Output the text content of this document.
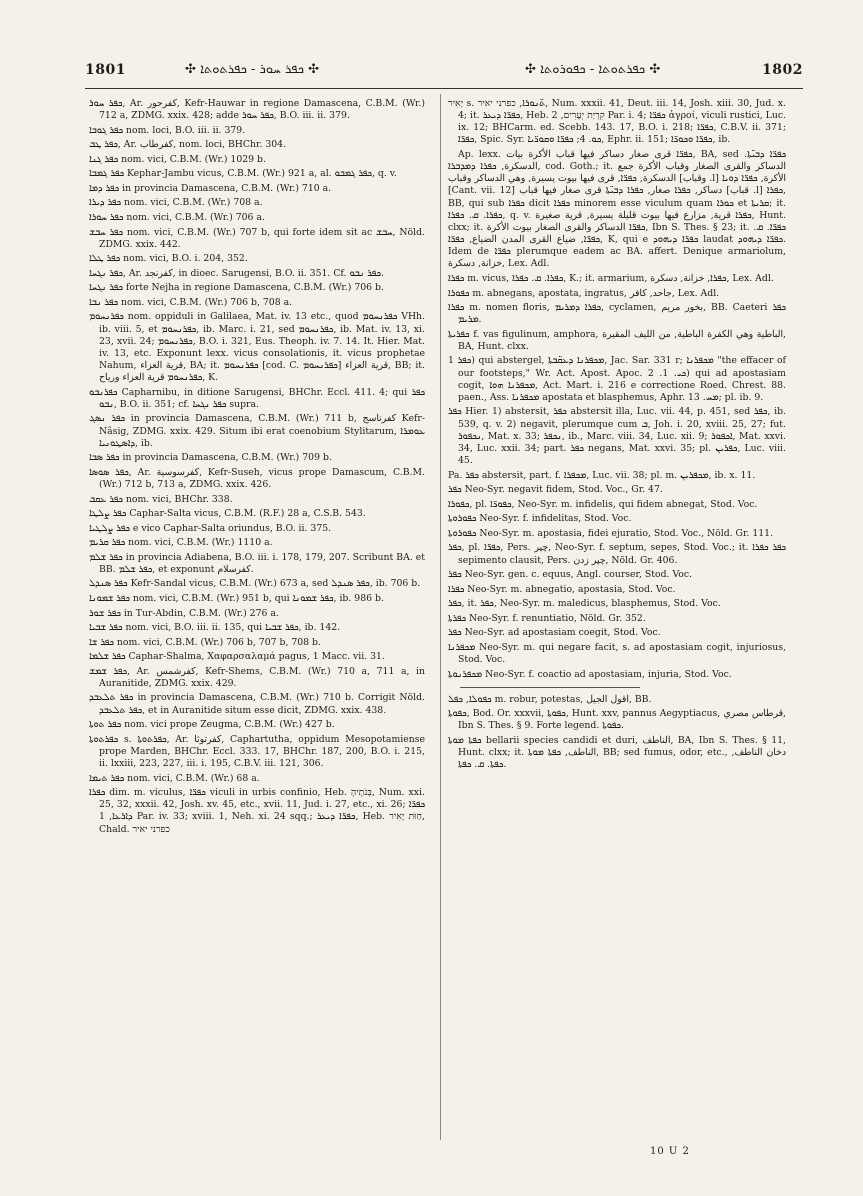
1801	✣ ܟܦܪ ܚܘܪ - ܟܦܪܬܘܬܐ ✣	✣ ܟܦܪܬܘܬܐ - ܟܦܘܪܘܬܐ ✣	1802
ܟܦܪ ܚܘܪ, Ar. كفرحور, Kefr-Hauwar in regione Damascena, C.B.M. (Wr.) 712 a, ZDMG. xxix. 428; adde ܟܦܪ ܚܘܪ, B.O. iii. ii. 379.
ܟܦܪ ܓܘܒܐ nom. loci, B.O. iii. ii. 379.
ܟܦܪ ܛܒ, Ar. كفرطاب, nom. loci, BHChr. 304.
ܟܦܪ ܓܢܐ nom. vici, C.B.M. (Wr.) 1029 b.
ܟܦܪ ܓܡܒܐ Kephar-Jambu vicus, C.B.M. (Wr.) 921 a, al. ܟܦܪ ܓܡܒܘ, q. v.
ܟܦܪ ܕܡܐ in provincia Damascena, C.B.M. (Wr.) 710 a.
ܟܦܪ ܕܝܪܐ nom. vici, C.B.M. (Wr.) 708 a.
ܟܦܪ ܚܘܪܐ nom. vici, C.B.M. (Wr.) 706 a.
ܟܦܪ ܚܒܫ nom. vici, C.B.M. (Wr.) 707 b, qui forte idem sit ac ܚܒܫ, Nöld. ZDMG. xxix. 442.
ܟܦܪ ܛܠܐ nom. vici, B.O. i. 204, 352.
ܟܦܪ ܢܓܚܐ, Ar. كفرنجد, in dioec. Sarugensi, B.O. ii. 351. Cf. ܟܦܪ ܢܒܘ.
ܟܦܪ ܢܓܚܐ forte Nejha in regione Damascena, C.B.M. (Wr.) 706 b.
ܟܦܪ ܢܒܐ nom. vici, C.B.M. (Wr.) 706 b, 708 a.
ܟܦܪܢܚܘܡ nom. oppiduli in Galilaea, Mat. iv. 13 etc., quod ܟܦܪܢܚܘܡ VHh. ib. viii. 5, et ܟܦܪܢܚܘܡ, ib. Marc. i. 21, sed ܟܦܪܢܚܘܡ, ib. Mat. iv. 13, xi. 23, xvii. 24; ܟܦܪܢܚܘܡ, B.O. i. 321, Eus. Theoph. iv. 7. 14. It. Hier. Mat. iv. 13, etc. Exponunt lexx. vicus consolationis, it. vicus prophetae Nahum, قرية العزاء, BA; it. ܟܦܪܢܚܘܡ [cod. C. ܟܦܪܢܚܘܡ] قرية العزاء, BB; it. ܟܦܪܢܚܘܡ قرية العزاء ورياح, K.
ܟܦܪܢܒܘ Capharnibu, in ditione Sarugensi, BHChr. Eccl. 411. 4; qui ܟܦܪ ܢܒܘ, B.O. ii. 351; cf. ܟܦܪ ܢܓܚܐ supra.
ܟܦܪ ܢܣܓ in provincia Damascena, C.B.M. (Wr.) 711 b, كفرناسج Kefr-Nâsig, ZDMG. xxix. 429. Situm ibi erat coenobium Stylitarum, ܥܘܡܪܐ ܕܐܣܛܘܢܝܐ, ib.
ܟܦܪ ܣܒܐ in provincia Damascena, C.B.M. (Wr.) 709 b.
ܟܦܪ ܣܘܣܐ, Ar. كفرسوسية, Kefr-Suseh, vicus prope Damascum, C.B.M. (Wr.) 712 b, 713 a, ZDMG. xxix. 426.
ܟܦܪ ܥܩܒ nom. vici, BHChr. 338.
ܟܦܪ ܨܠܛܐ Caphar-Salta vicus, C.B.M. (R.F.) 28 a, C.S.B. 543.
ܟܦܪ ܨܠܛܝܐ e vico Caphar-Salta oriundus, B.O. ii. 375.
ܟܦܪ ܩܪܝܡ nom. vici, C.B.M. (Wr.) 1110 a.
ܟܦܪ ܫܠܡ in provincia Adiabena, B.O. iii. i. 178, 179, 207. Scribunt BA. et BB. ܟܦܪ ܫܠܡ, et exponunt كفرسلام.
ܟܦܪ ܣܢܕܠ Kefr-Sandal vicus, C.B.M. (Wr.) 673 a, sed ܟܦܪ ܣܢܕܠ, ib. 706 b.
ܟܦܪ ܫܡܘܢܐ nom. vici, C.B.M. (Wr.) 951 b, qui ܟܦܪ ܫܡܘܢܐ, ib. 986 b.
ܟܦܪ ܫܘܪ in Tur-Abdin, C.B.M. (Wr.) 276 a.
ܟܦܪ ܫܒܝܐ nom. vici, B.O. iii. ii. 135, qui ܟܦܪ ܫܒܝܐ, ib. 142.
ܟܦܪ ܫܐ nom. vici, C.B.M. (Wr.) 706 b, 707 b, 708 b.
ܟܦܪ ܫܠܡܐ Caphar-Shalma, Χαφαρσαλαμά pagus, 1 Macc. vii. 31.
ܟܦܪ ܫܡܫ, Ar. كفرشمس, Kefr-Shems, C.B.M. (Wr.) 710 a, 711 a, in Auranitide, ZDMG. xxix. 429.
ܟܦܪ ܬܠܥܒܕ in provincia Damascena, C.B.M. (Wr.) 710 b. Corrigit Nöld. ܟܦܪ ܬܠܥܒܕ, et in Auranitide situm esse dicit, ZDMG. xxix. 438.
ܟܦܪ ܬܘܬܐ nom. vici prope Zeugma, C.B.M. (Wr.) 427 b.
ܟܦܪܬܘܬܐ s. ܟܦܪܬܘܬܐ, Ar. كفرتوثا, Caphartutha, oppidum Mesopotamiense prope Marden, BHChr. Eccl. 333. 17, BHChr. 187, 200, B.O. i. 215, ii. lxxiii, 223, 227, iii. i. 195, C.B.V. iii. 121, 306.
ܟܦܪ ܬܝܡܐ nom. vici, C.B.M. (Wr.) 68 a.
ܟܦܪܐ dim. m. viculus, ܟܦܪ̈ܐ viculi in urbis confinio, Heb. בְּנֹתֶיהָ, Num. xxi. 25, 32, xxxii. 42, Josh. xv. 45, etc., xvii. 11, Jud. i. 27, etc., xi. 26; ܟܦܪ̈ܐ ܕܐܪܥܐ, 1 Par. iv. 33; xviii. 1, Neh. xi. 24 sqq.; ܟܦܪ̈ܐ ܕܝܥܪ, Heb. חַוֺּת יָאִיר, Chald. כפרני יאיר
יָאִיר s. ܬ̈ܢܘܪܐ, כפרני יאיר, Num. xxxii. 41, Deut. iii. 14, Josh. xiii. 30, Jud. x. 4; it. ܟܦܪ̈ܐ ܕܝܥܪ, Heb. קִרְיַת יְעָרִים, 2 Par. i. 4; ܟܦܪ̈ܐ ἀγρoί, viculi rustici, Luc. ix. 12; BHCarm. ed. Scebb. 143. 17, B.O. i. 218; ܟܦܪ̈ܐ, C.B.V. ii. 371; ܟܦܪ̈ܐ, Spic. Syr. ܟܘ. 4; ܟܦܪ̈ܐ ܘܩܘܪ̈ܝܐ, Ephr. ii. 151; ܟܦܪ̈ܐ ܘܟܘܪ̈ܐ, ib.
Ap. lexx. ܟܦܪ̈ܐ قرى صغار دساكر فيها قباب الأكرة بيات, BA, sed ܟܦܪ̈ܐ ܕܒܝ̈ܬܐ. الدسكرة, ܟܦܪܐ ܕܡܕܒܪܐ, cod. Goth.; it. الدساكر والقرى الصغار وقباب الأكرة جمع الدسكرة, ܟܦܪ̈ܐ, قرى فيها بيوت يسيرة, وهي الدساكر وقباب [وقباب .l] الأكرة, ܟܦܪ̈ܐ ܕܘܝܐ [Cant. vii. 12] دساكر, ܟܦܪܐ صغار, ܟܦܪܐ ܕܒܝ̈ܬܐ قرى صغار فيها قباب [قباب .l] ܟܦܪܐ, BB, qui sub ܟܦܪܐ dicit ܟܦܪܐ minorem esse viculum quam ܟܘܪܐ et ܩܪܝܬܐ; it. ܟܦܪܐ. ܩ. ܟܦܪܐ, q. v. ܟܦܪܐ قرية, مزارع فيها بيوت قليلة يسيرة, قرية صغيرة, Hunt. clxx; it. ܟܦܪ̈ܐ الدساكر والقرى الصغار بيوت الأكرة, Ibn S. Thes. § 23; it. ܟܦܪ̈ܐ. ܩ. ܟܦܪ̈ܐ, ضياع القرى المدن الضياع, ܟܦܪ̈ܐ, K, qui e ܟܦܪ̈ܐ ܕܝܗܘܕ laudat ܟܦܪ̈ܐ ܕܝܗܘܕ. Idem de ܟܦܪ̈ܐ plerumque eadem ac BA. affert. Denique armariolum, خزانة, دسكرة, Lex. Adl.
ܟܦܪܐ m. vicus, ܟܦܪܐ. ܩ. ܟܦܪܐ, K.; it. armarium, ܟܦܪܐ, خزانة, دسكرة, Lex. Adl.
ܟܦܘܪܐ m. abnegans, apostata, ingratus, جاحد, كافر, Lex. Adl.
ܟܦܪܐ m. nomen floris, ܟܦܪܐ ܕܡܪܝܡ, cyclamen, بخور مريم, BB. Caeteri ܟܦܪ ܡܪܝܡ.
ܟܦܪܝܬܐ f. vas figulinum, amphora, الباطية وهي الكفرة الباطية, من الليف المقيرة, BA, Hunt. clxx.
ܟܦܪ 1) qui abstergel, ܡܟܦܪܢܐ ܕܥܩ̈ܒܬܐ, Jac. Sar. 331 r; ܡܟܦܪܢܐ "the effacer of our footsteps," Wr. Act. Apost. Apoc. ܟܝ. 1. 2) qui ad apostasiam cogit, ܡܟܦܪܢܐ ܗܘܐ, Act. Mart. i. 216 e correctione Roed. Chrest. 88. paen., Ass. ܡܟܦܪܢܐ apostata et blasphemus, Aphr. ܡܚ. 13; pl. ib. 9.
ܟܦܪ Hier. 1) abstersit, ܟܦܪ abstersit illa, Luc. vii. 44, p. 451, sed ܟܦܪ, ib. 539, q. v. 2) negavit, plerumque cum ܒ, Joh. i. 20, xviii. 25, 27; fut. ܢܟܦܘܪ, Mat. x. 33; ܢܟܦܪ, ib., Marc. viii. 34, Luc. xii. 9; ܐܟܦܘܪ, Mat. xxvi. 34, Luc. xxii. 34; part. ܟܦܪ negans, Mat. xxvi. 35; pl. ܟܦܪܝܢ, Luc. viii. 45.
Pa. ܟܦܪ abstersit, part. f. ܡܟܦܪܐ, Luc. vii. 38; pl. m. ܡܟܦܪܝܢ, ib. x. 11.
ܟܦܪ Neo-Syr. negavit fidem, Stod. Voc., Gr. 47.
ܟܦܘܪܐ, pl. ܟܦܘܪ̈ܐ, Neo-Syr. m. infidelis, qui fidem abnegat, Stod. Voc.
ܟܦܘܪܘܬܐ Neo-Syr. f. infidelitas, Stod. Voc.
ܟܦܘܪܘܬܐ Neo-Syr. m. apostasia, fidei ejuratio, Stod. Voc., Nöld. Gr. 111.
ܟܦܪ, pl. ܟܦܪ̈ܐ, Pers. چپر, Neo-Syr. f. septum, sepes, Stod. Voc.; it. ܟܦܪ ܟܦܪܐ sepimento clausit, Pers. چپر زدن, Nöld. Gr. 406.
ܟܦܪ Neo-Syr. gen. c. equus, Angl. courser, Stod. Voc.
ܟܦܪܐ Neo-Syr. m. abnegatio, apostasia, Stod. Voc.
ܟܦܪ, it. ܟܦܪ, Neo-Syr. m. maledicus, blasphemus, Stod. Voc.
ܟܦܪܬܐ Neo-Syr. f. renuntiatio, Nöld. Gr. 352.
ܟܦܪ Neo-Syr. ad apostasiam coegit, Stod. Voc.
ܡܟܦܪܢܐ Neo-Syr. m. qui negare facit, s. ad apostasiam cogit, injuriosus, Stod. Voc.
ܡܟܦܪܢܘܬܐ Neo-Syr. f. coactio ad apostasiam, injuria, Stod. Voc.
ܟܦܘܠܐ, ܟܦܠ m. robur, potestas, اقول الجيل, BB.
ܟܦܘܬܐ, Bod. Or. xxxvii, ܟܦܘܬܐ, Hunt. xxv, pannus Aegyptiacus, قرطاس مصري, Ibn S. Thes. § 9. Forte legend. ܟܦܘܬܐ.
ܟܦܬܐ ܡܘܬܐ bellarii species candidi et duri, الناطف, BA, Ibn S. Thes. § 11, Hunt. clxx; it. الناطف, ܟܦܬܐ ܡܘܬܐ, BB; sed fumus, odor, etc., دخان الناطف, ܟܦܬܐ. ܩ. ܟܦܬܐ.
10 U 2
